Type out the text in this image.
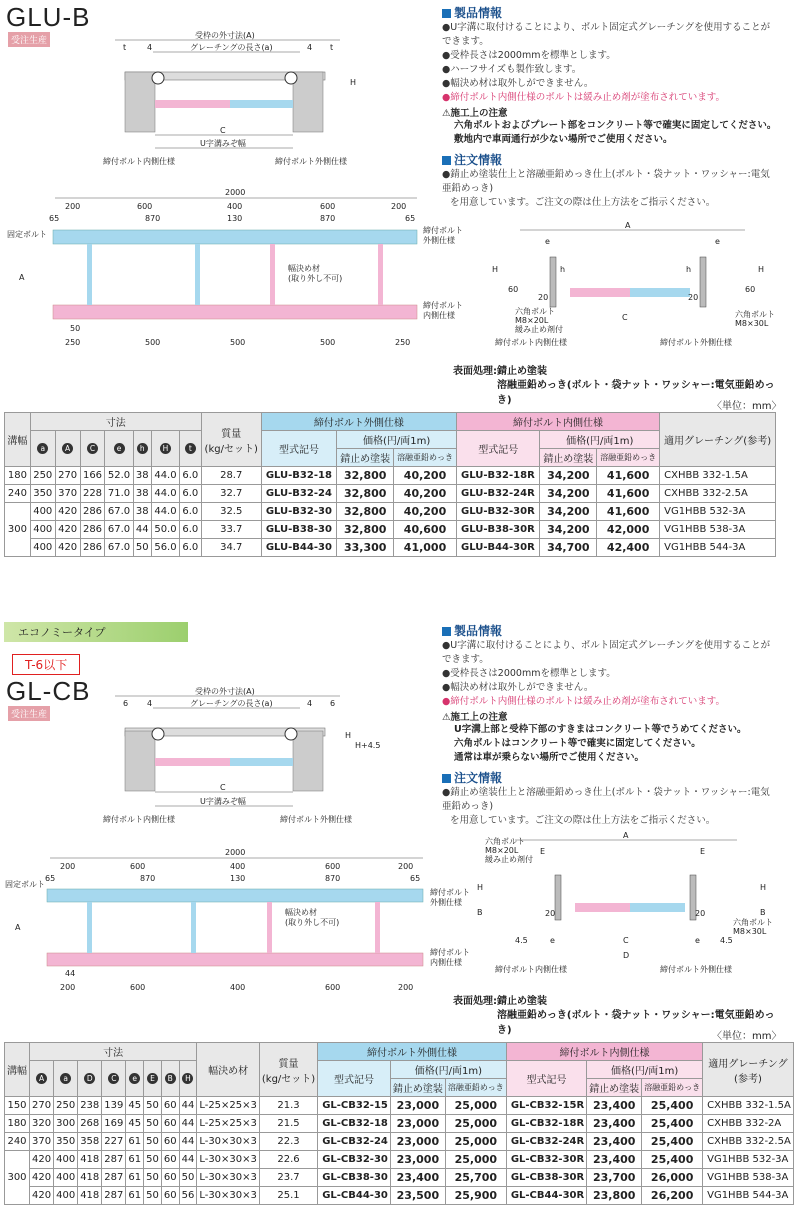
GLU-B
受注生産
受枠の外寸法(A)
グレーチングの長さ(a)
t	4	4 t
H
C
U字溝みぞ幅
締付ボルト内側仕様	締付ボルト外側仕様
2000
200	600	400	600	200
65	870	130	870	65
固定ボルト
A
幅決め材
(取り外し不可)
50
250	500	500	500	250
締付ボルト
外側仕様
締付ボルト
内側仕様
製品情報
●U字溝に取付けることにより、ボルト固定式グレーチングを使用することができます。
●受枠長さは2000mmを標準とします。
●ハーフサイズも製作致します。
●幅決め材は取外しができません。
●締付ボルト内側仕様のボルトは緩み止め剤が塗布されています。
⚠施工上の注意
六角ボルトおよびプレート部をコンクリート等で確実に固定してください。
敷地内で車両通行が少ない場所でご使用ください。
注文情報
●錆止め塗装仕上と溶融亜鉛めっき仕上(ボルト・袋ナット・ワッシャー:電気亜鉛めっき)
を用意しています。ご注文の際は仕上方法をご指示ください。
A
e	e
H	h	h	H
60	60
20	20
六角ボルト
M8×20L
緩み止め剤付
C	六角ボルト
M8×30L
締付ボルト内側仕様	締付ボルト外側仕様
表面処理:錆止め塗装
溶融亜鉛めっき(ボルト・袋ナット・ワッシャー:電気亜鉛めっき)
〈単位：mm〉
溝幅	寸法							質量
(kg/セット)	締付ボルト外側仕様			締付ボルト内側仕様			適用グレーチング(参考)
	a	A	C	e	h	H	t		型式記号	価格(円/両1m)		型式記号	価格(円/両1m)		
										錆止め塗装	溶融亜鉛めっき		錆止め塗装	溶融亜鉛めっき	
180	250	270	166	52.0	38	44.0	6.0	28.7	GLU-B32-18	32,800	40,200	GLU-B32-18R	34,200	41,600	CXHBB 332-1.5A
240	350	370	228	71.0	38	44.0	6.0	32.7	GLU-B32-24	32,800	40,200	GLU-B32-24R	34,200	41,600	CXHBB 332-2.5A
300	400	420	286	67.0	38	44.0	6.0	32.5	GLU-B32-30	32,800	40,200	GLU-B32-30R	34,200	41,600	VG1HBB 532-3A
	400	420	286	67.0	44	50.0	6.0	33.7	GLU-B38-30	32,800	40,600	GLU-B38-30R	34,200	42,000	VG1HBB 538-3A
	400	420	286	67.0	50	56.0	6.0	34.7	GLU-B44-30	33,300	41,000	GLU-B44-30R	34,700	42,400	VG1HBB 544-3A
エコノミータイプ
T-6以下
GL-CB
受注生産
受枠の外寸法(A)
グレーチングの長さ(a)
6 4	4 6
H
H+4.5
C
U字溝みぞ幅
締付ボルト内側仕様	締付ボルト外側仕様
2000
200	600	400	600	200
65	870	130	870	65
固定ボルト
A
幅決め材
(取り外し不可)
44
200	600	400	600	200
締付ボルト
外側仕様
締付ボルト
内側仕様
製品情報
●U字溝に取付けることにより、ボルト固定式グレーチングを使用することができます。
●受枠長さは2000mmを標準とします。
●幅決め材は取外しができません。
●締付ボルト内側仕様のボルトは緩み止め剤が塗布されています。
⚠施工上の注意
U字溝上部と受枠下部のすきまはコンクリート等でうめてください。
六角ボルトはコンクリート等で確実に固定してください。
通常は車が乗らない場所でご使用ください。
注文情報
●錆止め塗装仕上と溶融亜鉛めっき仕上(ボルト・袋ナット・ワッシャー:電気亜鉛めっき)
を用意しています。ご注文の際は仕上方法をご指示ください。
A
六角ボルト
M8×20L
緩み止め剤付
E	E
H	H
B	B
20	20
六角ボルト
M8×30L
4.5	e	C	e	4.5
D
締付ボルト内側仕様	締付ボルト外側仕様
表面処理:錆止め塗装
溶融亜鉛めっき(ボルト・袋ナット・ワッシャー:電気亜鉛めっき)
〈単位：mm〉
溝幅	寸法								幅決め材	質量
(kg/セット)	締付ボルト外側仕様			締付ボルト内側仕様			適用グレーチング
(参考)
	A	a	D	C	e	E	B	H			型式記号	価格(円/両1m)		型式記号	価格(円/両1m)		
												錆止め塗装	溶融亜鉛めっき		錆止め塗装	溶融亜鉛めっき	
150	270	250	238	139	45	50	60	44	L-25×25×3	21.3	GL-CB32-15	23,000	25,000	GL-CB32-15R	23,400	25,400	CXHBB 332-1.5A
180	320	300	268	169	45	50	60	44	L-25×25×3	21.5	GL-CB32-18	23,000	25,000	GL-CB32-18R	23,400	25,400	CXHBB 332-2A
240	370	350	358	227	61	50	60	44	L-30×30×3	22.3	GL-CB32-24	23,000	25,000	GL-CB32-24R	23,400	25,400	CXHBB 332-2.5A
300	420	400	418	287	61	50	60	44	L-30×30×3	22.6	GL-CB32-30	23,000	25,000	GL-CB32-30R	23,400	25,400	VG1HBB 532-3A
	420	400	418	287	61	50	60	50	L-30×30×3	23.7	GL-CB38-30	23,400	25,700	GL-CB38-30R	23,700	26,000	VG1HBB 538-3A
	420	400	418	287	61	50	60	56	L-30×30×3	25.1	GL-CB44-30	23,500	25,900	GL-CB44-30R	23,800	26,200	VG1HBB 544-3A
